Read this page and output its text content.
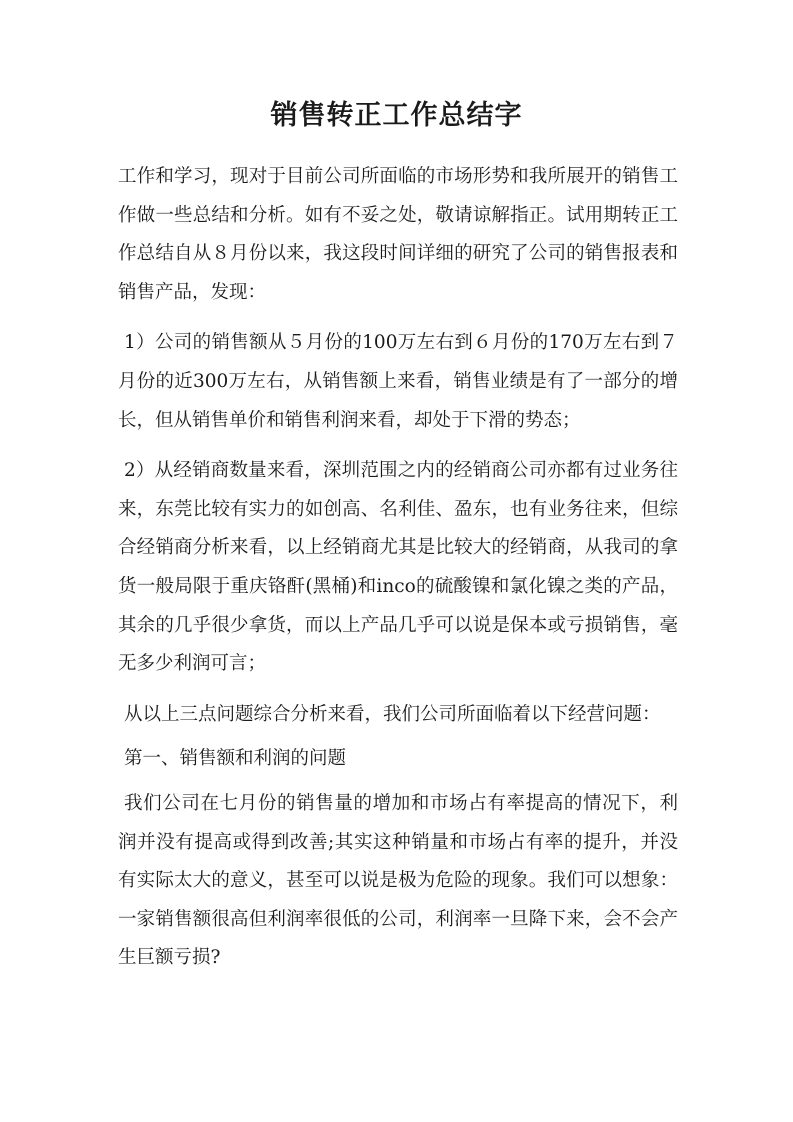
销售转正工作总结字

工作和学习，现对于目前公司所面临的市场形势和我所展开的销售工作做一些总结和分析。如有不妥之处，敬请谅解指正。试用期转正工作总结自从８月份以来，我这段时间详细的研究了公司的销售报表和销售产品，发现：

1）公司的销售额从５月份的100万左右到６月份的170万左右到７月份的近300万左右，从销售额上来看，销售业绩是有了一部分的增长，但从销售单价和销售利润来看，却处于下滑的势态；

2）从经销商数量来看，深圳范围之内的经销商公司亦都有过业务往来，东莞比较有实力的如创高、名利佳、盈东，也有业务往来，但综合经销商分析来看，以上经销商尤其是比较大的经销商，从我司的拿货一般局限于重庆铬酐(黑桶)和inco的硫酸镍和氯化镍之类的产品，其余的几乎很少拿货，而以上产品几乎可以说是保本或亏损销售，毫无多少利润可言；

从以上三点问题综合分析来看，我们公司所面临着以下经营问题：

第一、销售额和利润的问题

我们公司在七月份的销售量的增加和市场占有率提高的情况下，利润并没有提高或得到改善;其实这种销量和市场占有率的提升，并没有实际太大的意义，甚至可以说是极为危险的现象。我们可以想象：一家销售额很高但利润率很低的公司，利润率一旦降下来，会不会产生巨额亏损?
